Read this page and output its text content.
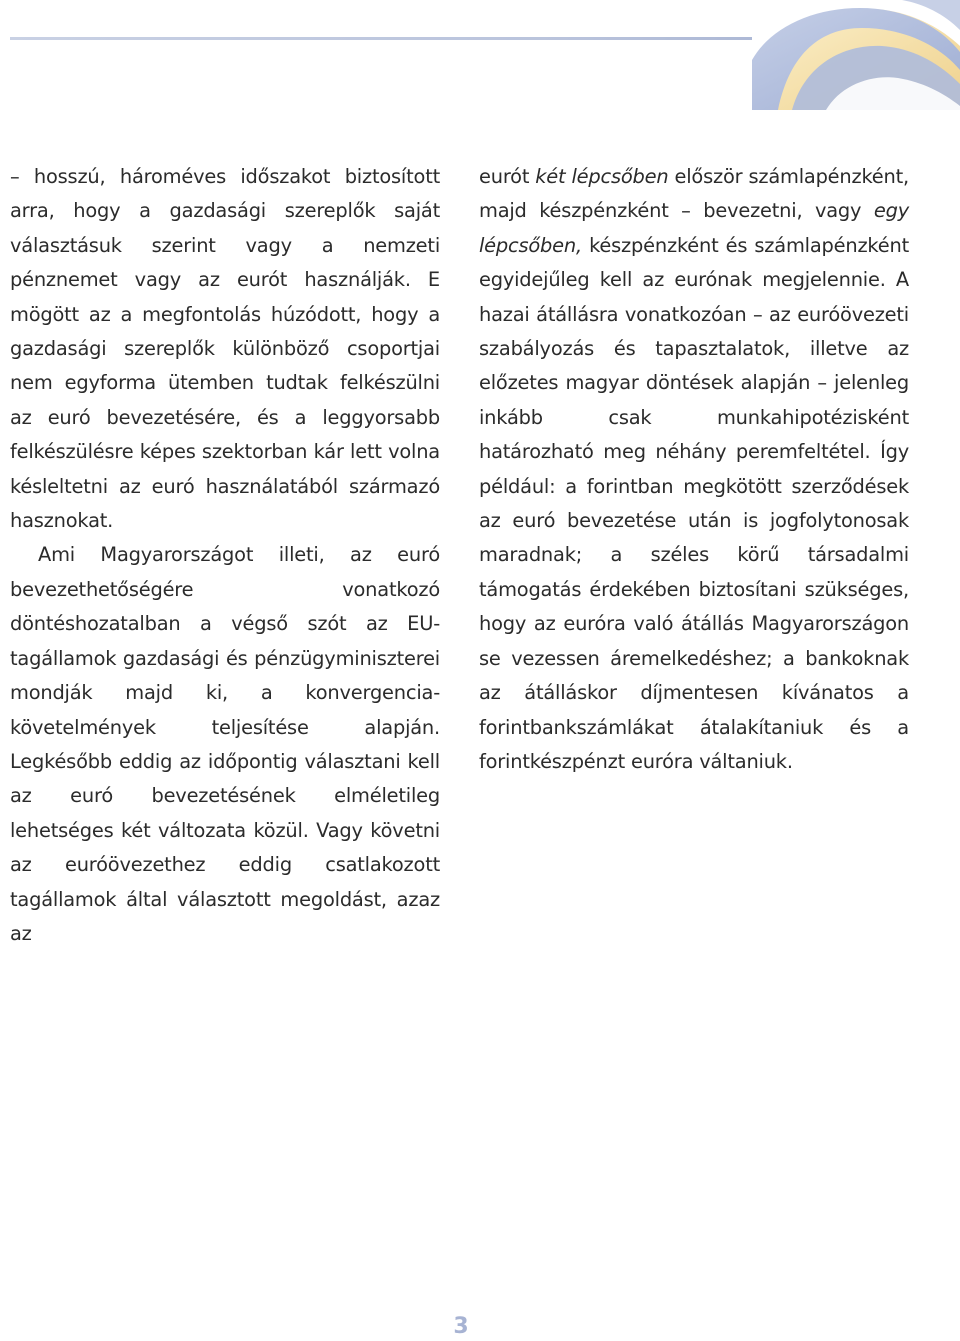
– hosszú, hároméves időszakot biztosított arra, hogy a gazdasági szereplők saját választásuk szerint vagy a nemzeti pénznemet vagy az eurót használják. E mögött az a megfontolás húzódott, hogy a gazdasági szereplők különböző csoportjai nem egyforma ütemben tudtak felkészülni az euró bevezetésére, és a leggyorsabb felkészülésre képes szektorban kár lett volna késleltetni az euró használatából származó hasznokat.

Ami Magyarországot illeti, az euró bevezethetőségére vonatkozó döntéshozatalban a végső szót az EU-tagállamok gazdasági és pénzügyminiszterei mondják majd ki, a konvergencia-követelmények teljesítése alapján. Legkésőbb eddig az időpontig választani kell az euró bevezetésének elméletileg lehetséges két változata közül. Vagy követni az euróövezethez eddig csatlakozott tagállamok által választott megoldást, azaz az

eurót két lépcsőben először számlapénzként, majd készpénzként – bevezetni, vagy egy lépcsőben, készpénzként és számlapénzként egyidejűleg kell az eurónak megjelennie. A hazai átállásra vonatkozóan – az euróövezeti szabályozás és tapasztalatok, illetve az előzetes magyar döntések alapján – jelenleg inkább csak munkahipotézisként határozható meg néhány peremfeltétel. Így például: a forintban megkötött szerződések az euró bevezetése után is jogfolytonosak maradnak; a széles körű társadalmi támogatás érdekében biztosítani szükséges, hogy az euróra való átállás Magyarországon se vezessen áremelkedéshez; a bankoknak az átálláskor díjmentesen kívánatos a forintbankszámlákat átalakítaniuk és a forintkészpénzt euróra váltaniuk.

3
